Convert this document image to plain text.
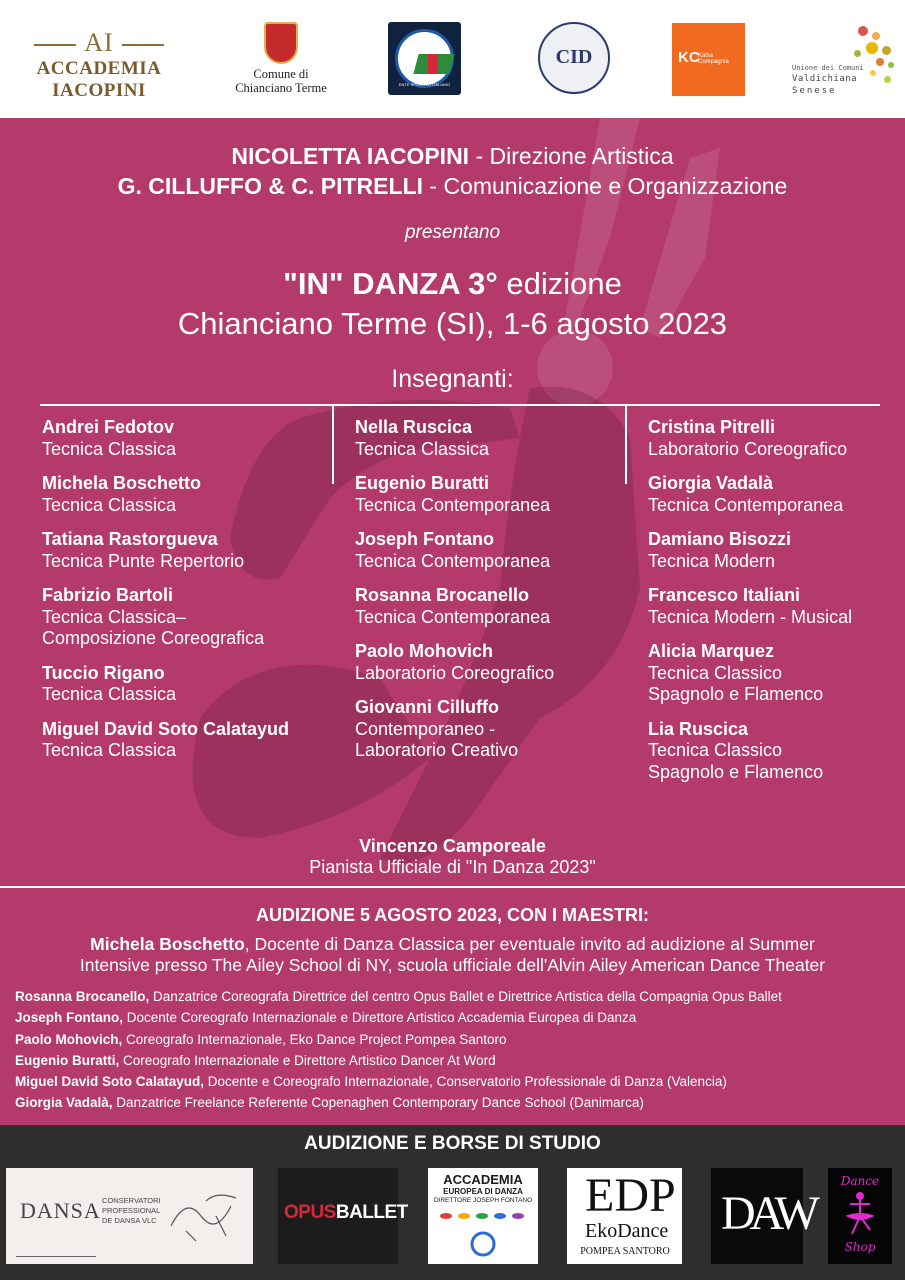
AI
ACCADEMIA IACOPINI
Comune di
Chianciano Terme	ENTE SPORTIVO ITALIANO
CID	KC
Kalsa Compagnia
Unione dei Comuni
Valdichiana
Senese
NICOLETTA IACOPINI - Direzione Artistica
G. CILLUFFO & C. PITRELLI - Comunicazione e Organizzazione
presentano
"IN" DANZA 3° edizione
Chianciano Terme (SI), 1-6 agosto 2023
Insegnanti:
Andrei Fedotov
Tecnica Classica
Michela Boschetto
Tecnica Classica
Tatiana Rastorgueva
Tecnica Punte Repertorio
Fabrizio Bartoli
Tecnica Classica–
Composizione Coreografica
Tuccio Rigano
Tecnica Classica
Miguel David Soto Calatayud
Tecnica Classica
Nella Ruscica
Tecnica Classica
Eugenio Buratti
Tecnica Contemporanea
Joseph Fontano
Tecnica Contemporanea
Rosanna Brocanello
Tecnica Contemporanea
Paolo Mohovich
Laboratorio Coreografico
Giovanni Cilluffo
Contemporaneo -
Laboratorio Creativo
Cristina Pitrelli
Laboratorio Coreografico
Giorgia Vadalà
Tecnica Contemporanea
Damiano Bisozzi
Tecnica Modern
Francesco Italiani
Tecnica Modern - Musical
Alicia Marquez
Tecnica Classico
Spagnolo e Flamenco
Lia Ruscica
Tecnica Classico
Spagnolo e Flamenco
Vincenzo Camporeale
Pianista Ufficiale di "In Danza 2023"
AUDIZIONE 5 AGOSTO 2023, CON I MAESTRI:
Michela Boschetto, Docente di Danza Classica per eventuale invito ad audizione al Summer
Intensive presso The Ailey School di NY, scuola ufficiale dell'Alvin Ailey American Dance Theater
Rosanna Brocanello, Danzatrice Coreografa Direttrice del centro Opus Ballet e Direttrice Artistica della Compagnia Opus Ballet
Joseph Fontano, Docente Coreografo Internazionale e Direttore Artistico Accademia Europea di Danza
Paolo Mohovich, Coreografo Internazionale, Eko Dance Project Pompea Santoro
Eugenio Buratti, Coreografo Internazionale e Direttore Artistico Dancer At Word
Miguel David Soto Calatayud, Docente e Coreografo Internazionale, Conservatorio Professionale di Danza (Valencia)
Giorgia Vadalà, Danzatrice Freelance Referente Copenaghen Contemporary Dance School (Danimarca)
AUDIZIONE E BORSE DI STUDIO
DANSA CONSERVATORI
PROFESSIONAL
DE DANSA VLC	OPUSBALLET
ACCADEMIA
EUROPEA DI DANZA
DIRETTORE JOSEPH FONTANO EDP
EkoDance
POMPEA SANTORO
DAW
Dance
Shop
